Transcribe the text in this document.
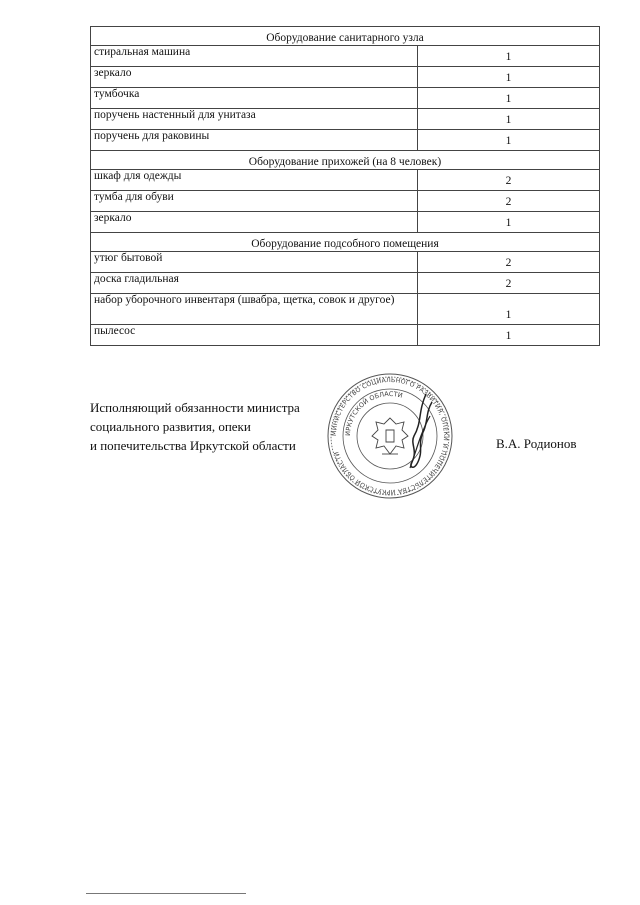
Оборудование санитарного узла	
стиральная машина	1
зеркало	1
тумбочка	1
поручень настенный для унитаза	1
поручень для раковины	1
Оборудование прихожей (на 8 человек)	
шкаф для одежды	2
тумба для обуви	2
зеркало	1
Оборудование подсобного помещения	
утюг бытовой	2
доска гладильная	2
набор уборочного инвентаря (швабра, щетка, совок и другое)	1
пылесос	1
Исполняющий обязанности министра
социального развития, опеки
и попечительства Иркутской области
МИНИСТЕРСТВО СОЦИАЛЬНОГО РАЗВИТИЯ, ОПЕКИ И ПОПЕЧИТЕЛЬСТВА ИРКУТСКОЙ ОБЛАСТИ
ИРКУТСКОЙ ОБЛАСТИ
В.А. Родионов
